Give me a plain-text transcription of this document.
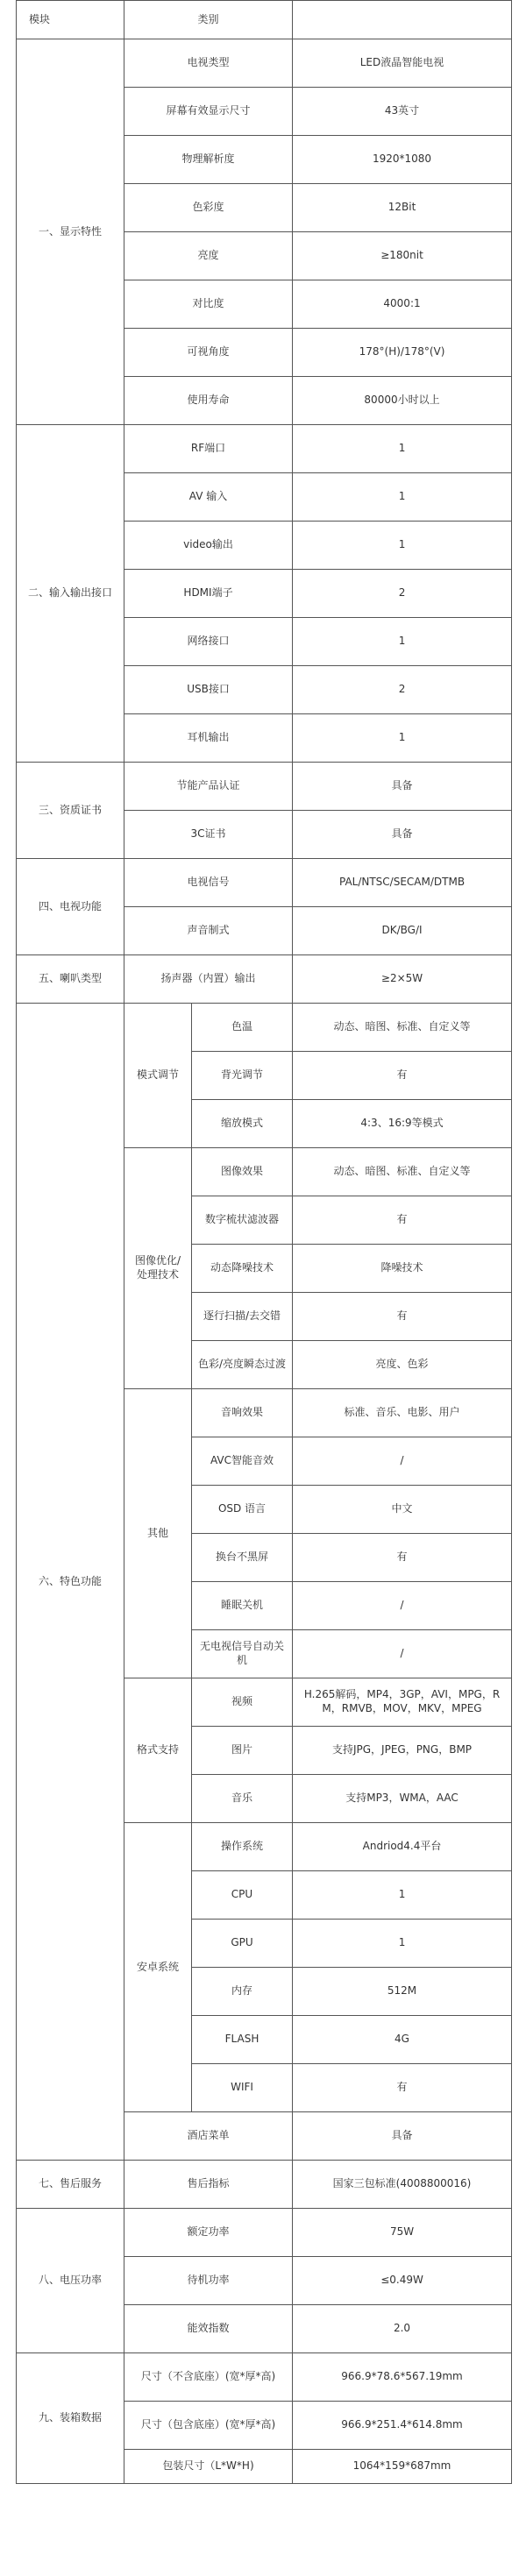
模块	类别		
一、显示特性	电视类型		LED液晶智能电视
	屏幕有效显示尺寸		43英寸
	物理解析度		1920*1080
	色彩度		12Bit
	亮度		≥180nit
	对比度		4000:1
	可视角度		178°(H)/178°(V)
	使用寿命		80000小时以上
二、输入输出接口	RF端口		1
	AV 输入		1
	video输出		1
	HDMI端子		2
	网络接口		1
	USB接口		2
	耳机输出		1
三、资质证书	节能产品认证		具备
	3C证书		具备
四、电视功能	电视信号		PAL/NTSC/SECAM/DTMB
	声音制式		DK/BG/I
五、喇叭类型	扬声器（内置）输出		≥2×5W
六、特色功能	模式调节	色温	动态、暗图、标准、自定义等
		背光调节	有
		缩放模式	4:3、16:9等模式
	图像优化/处理技术	图像效果	动态、暗图、标准、自定义等
		数字梳状滤波器	有
		动态降噪技术	降噪技术
		逐行扫描/去交错	有
		色彩/亮度瞬态过渡	亮度、色彩
	其他	音响效果	标准、音乐、电影、用户
		AVC智能音效	/
		OSD 语言	中文
		换台不黑屏	有
		睡眠关机	/
		无电视信号自动关机	/
	格式支持	视频	H.265解码，MP4，3GP，AVI，MPG，RM，RMVB，MOV，MKV，MPEG
		图片	支持JPG，JPEG，PNG，BMP
		音乐	支持MP3，WMA，AAC
	安卓系统	操作系统	Andriod4.4平台
		CPU	1
		GPU	1
		内存	512M
		FLASH	4G
		WIFI	有
	酒店菜单		具备
七、售后服务	售后指标		国家三包标准(4008800016)
八、电压功率	额定功率		75W
	待机功率		≤0.49W
	能效指数		2.0
九、装箱数据	尺寸（不含底座）(宽*厚*高)		966.9*78.6*567.19mm
	尺寸（包含底座）(宽*厚*高)		966.9*251.4*614.8mm
	包装尺寸（L*W*H)		1064*159*687mm
